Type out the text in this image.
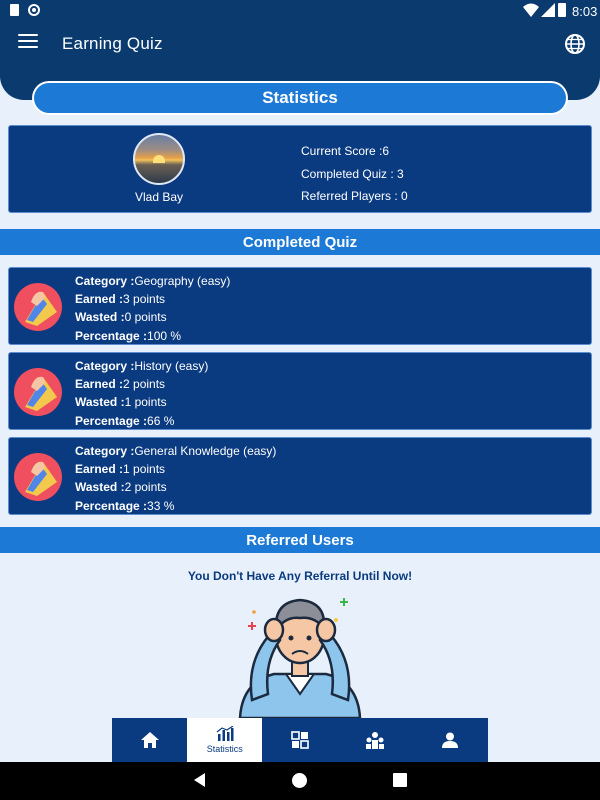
8:03
Earning Quiz
Statistics
Vlad Bay
Current Score :6
Completed Quiz : 3
Referred Players : 0
Completed Quiz
Category :Geography (easy)
Earned :3 points
Wasted :0 points
Percentage :100 %
Category :History (easy)
Earned :2 points
Wasted :1 points
Percentage :66 %
Category :General Knowledge (easy)
Earned :1 points
Wasted :2 points
Percentage :33 %
Referred Users
You Don't Have Any Referral Until Now!
Statistics
